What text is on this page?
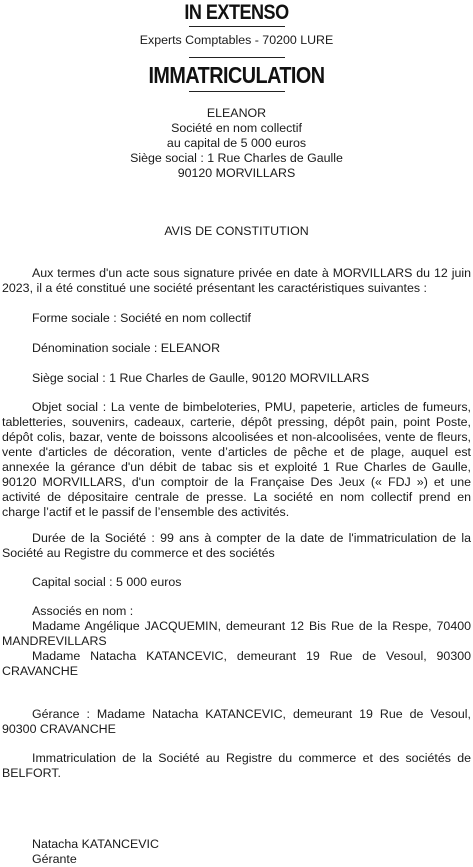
IN EXTENSO
Experts Comptables - 70200 LURE
IMMATRICULATION
ELEANOR
Société en nom collectif
au capital de 5 000 euros
Siège social : 1 Rue Charles de Gaulle
90120 MORVILLARS
AVIS DE CONSTITUTION
Aux termes d'un acte sous signature privée en date à MORVILLARS du 12 juin 2023, il a été constitué une société présentant les caractéristiques suivantes :
Forme sociale : Société en nom collectif
Dénomination sociale : ELEANOR
Siège social : 1 Rue Charles de Gaulle, 90120 MORVILLARS
Objet social : La vente de bimbeloteries, PMU, papeterie, articles de fumeurs, tabletteries, souvenirs, cadeaux, carterie, dépôt pressing, dépôt pain, point Poste, dépôt colis, bazar, vente de boissons alcoolisées et non-alcoolisées, vente de fleurs, vente d'articles de décoration, vente d’articles de pêche et de plage, auquel est annexée la gérance d'un débit de tabac sis et exploité 1 Rue Charles de Gaulle, 90120 MORVILLARS, d'un comptoir de la Française Des Jeux (« FDJ ») et une activité de dépositaire centrale de presse. La société en nom collectif prend en charge l’actif et le passif de l’ensemble des activités.
Durée de la Société : 99 ans à compter de la date de l'immatriculation de la Société au Registre du commerce et des sociétés
Capital social : 5 000 euros
Associés en nom :
Madame Angélique JACQUEMIN, demeurant 12 Bis Rue de la Respe, 70400 MANDREVILLARS
Madame Natacha KATANCEVIC, demeurant 19 Rue de Vesoul, 90300 CRAVANCHE
Gérance : Madame Natacha KATANCEVIC, demeurant 19 Rue de Vesoul, 90300 CRAVANCHE
Immatriculation de la Société au Registre du commerce et des sociétés de BELFORT.
Natacha KATANCEVIC
Gérante
